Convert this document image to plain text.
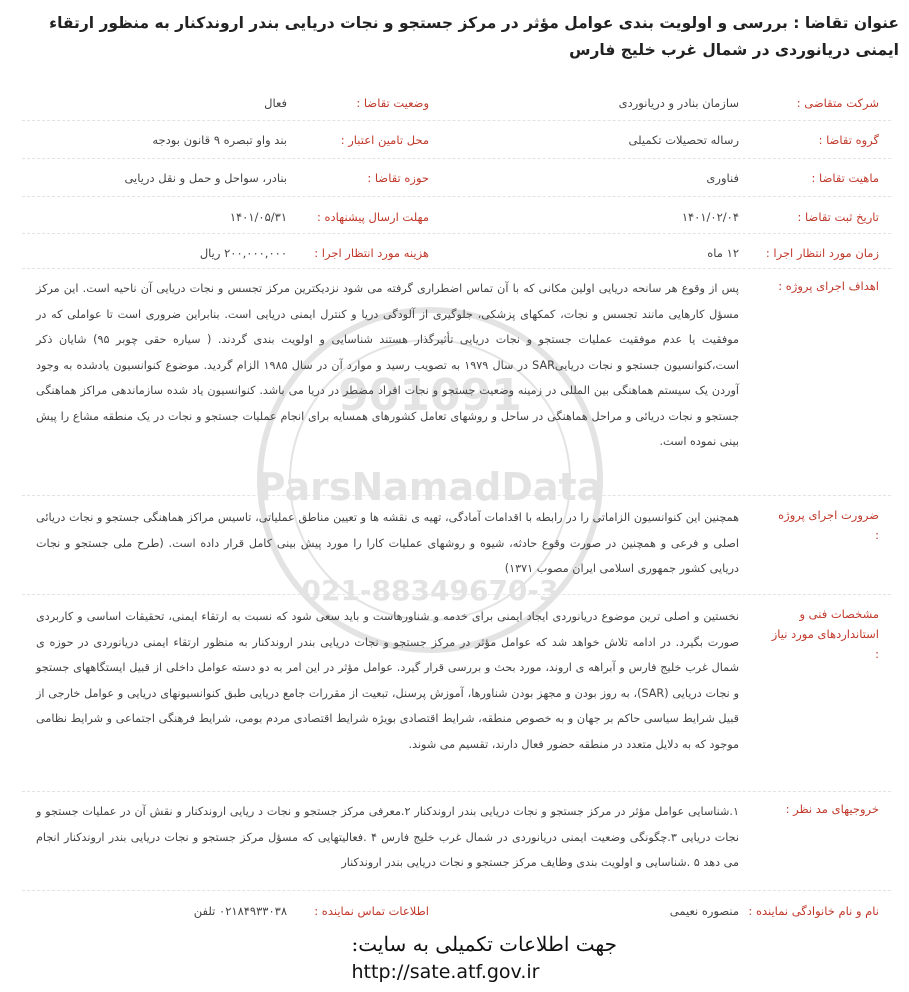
عنوان تقاضا : بررسی و اولویت بندی عوامل مؤثر در مرکز جستجو و نجات دریایی بندر اروندکنار به منظور ارتقاء ایمنی دریانوردی در شمال غرب خلیج فارس
901091
ParsNamadData
021-88349670-3
شرکت متقاضی :
سازمان بنادر و دریانوردی
وضعیت تقاضا :
فعال
گروه تقاضا :
رساله تحصیلات تکمیلی
محل تامین اعتبار :
بند واو تبصره ۹ قانون بودجه
ماهیت تقاضا :
فناوری
حوزه تقاضا :
بنادر، سواحل و حمل و نقل دریایی
تاریخ ثبت تقاضا :
۱۴۰۱/۰۲/۰۴
مهلت ارسال پیشنهاده :
۱۴۰۱/۰۵/۳۱
زمان مورد انتظار اجرا :
۱۲ ماه
هزینه مورد انتظار اجرا :
۲۰۰,۰۰۰,۰۰۰ ریال
اهداف اجرای پروژه :
پس از وقوع هر سانحه دریایی اولین مکانی که با آن تماس اضطراری گرفته می شود نزدیکترین مرکز تجسس و نجات دریایی آن ناحیه است. این مرکز مسؤل کارهایی مانند تجسس و نجات، کمکهای پزشکی، جلوگیری از آلودگی دریا و کنترل ایمنی دریایی است. بنابراین ضروری است تا عواملی که در موفقیت یا عدم موفقیت عملیات جستجو و نجات دریایی تأثیرگذار هستند شناسایی و اولویت بندی گردند. ( سیاره حقی چوبر ۹۵) شایان ذکر است،کنوانسیون جستجو و نجات دریاییSAR در سال ۱۹۷۹ به تصویب رسید و موارد آن در سال ۱۹۸۵ الزام گردید. موضوع کنوانسیون یادشده به وجود آوردن یک سیستم هماهنگی بین المللی در زمینه وضعیت جستجو و نجات افراد مضطر در دریا می باشد. کنوانسیون یاد شده سازماندهی مراکز هماهنگی جستجو و نجات دریائی و مراحل هماهنگی در ساحل و روشهای تعامل کشورهای همسایه برای انجام عملیات جستجو و نجات در یک منطقه مشاع را پیش بینی نموده است.
ضرورت اجرای پروژه :
همچنین این کنوانسیون الزاماتی را در رابطه با اقدامات آمادگی، تهیه ی نقشه ها و تعیین مناطق عملیاتی، تاسیس مراکز هماهنگی جستجو و نجات دریائی اصلی و فرعی و همچنین در صورت وقوع حادثه، شیوه و روشهای عملیات کارا را مورد پیش بینی کامل قرار داده است. (طرح ملی جستجو و نجات دریایی کشور جمهوری اسلامی ایران مصوب ۱۳۷۱)
مشخصات فنی و استانداردهای مورد نیاز :
نخستین و اصلی ترین موضوع دریانوردی ایجاد ایمنی برای خدمه و شناورهاست و باید سعی شود که نسبت به ارتقاء ایمنی، تحقیقات اساسی و کاربردی صورت بگیرد. در ادامه تلاش خواهد شد که عوامل مؤثر در مرکز جستجو و نجات دریایی بندر اروندکنار به منظور ارتقاء ایمنی دریانوردی در حوزه ی شمال غرب خلیج فارس و آبراهه ی اروند، مورد بحث و بررسی قرار گیرد. عوامل مؤثر در این امر به دو دسته عوامل داخلی از قبیل ایستگاههای جستجو و نجات دریایی (SAR)، به روز بودن و مجهز بودن شناورها، آموزش پرسنل، تبعیت از مقررات جامع دریایی طبق کنوانسیونهای دریایی و عوامل خارجی از قبیل شرایط سیاسی حاکم بر جهان و به خصوص منطقه، شرایط اقتصادی بویژه شرایط اقتصادی مردم بومی، شرایط فرهنگی اجتماعی و شرایط نظامی موجود که به دلایل متعدد در منطقه حضور فعال دارند، تقسیم می شوند.
خروجیهای مد نظر :
۱.شناسایی عوامل مؤثر در مرکز جستجو و نجات دریایی بندر اروندکنار ۲.معرفی مرکز جستجو و نجات د ریایی اروندکنار و نقش آن در عملیات جستجو و نجات دریایی ۳.چگونگی وضعیت ایمنی دریانوردی در شمال غرب خلیج فارس ۴ .فعالیتهایی که مسؤل مرکز جستجو و نجات دریایی بندر اروندکنار انجام می دهد ۵ .شناسایی و اولویت بندی وظایف مرکز جستجو و نجات دریایی بندر اروندکنار
نام و نام خانوادگی نماینده :
منصوره نعیمی
اطلاعات تماس نماینده :
۰۲۱۸۴۹۳۳۰۳۸ تلفن
جهت اطلاعات تکمیلی به سایت:
http://sate.atf.gov.ir
